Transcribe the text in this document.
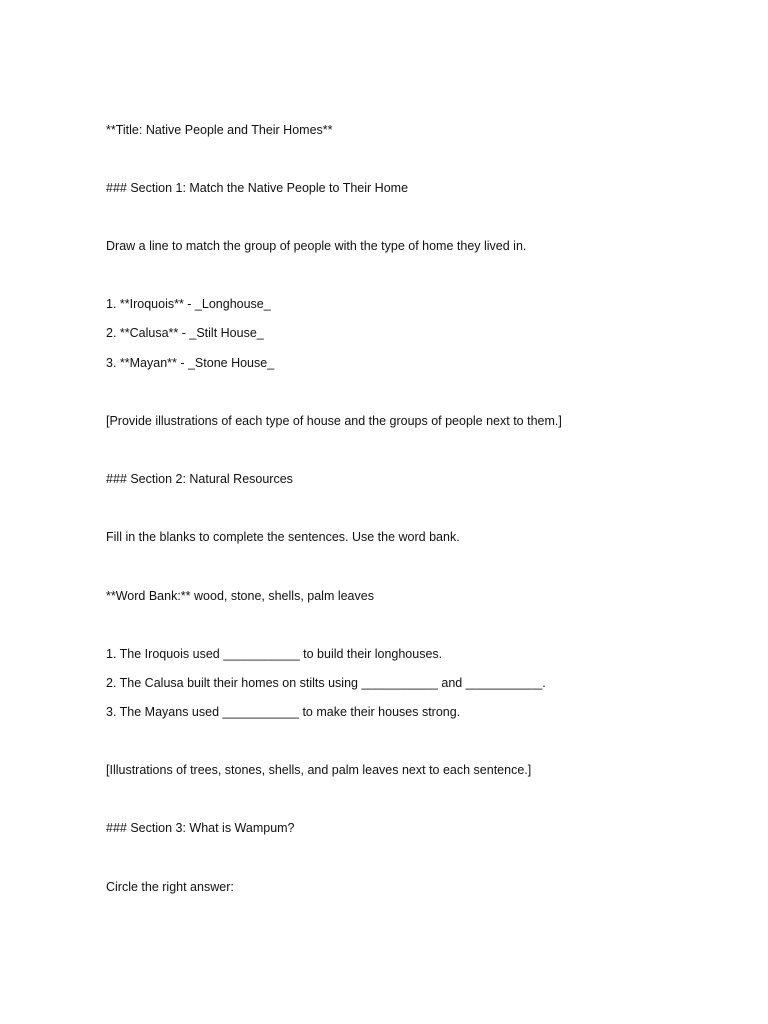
**Title: Native People and Their Homes**

### Section 1: Match the Native People to Their Home

Draw a line to match the group of people with the type of home they lived in.

1. **Iroquois** - _Longhouse_

2. **Calusa** - _Stilt House_

3. **Mayan** - _Stone House_

[Provide illustrations of each type of house and the groups of people next to them.]

### Section 2: Natural Resources

Fill in the blanks to complete the sentences. Use the word bank.

**Word Bank:** wood, stone, shells, palm leaves

1. The Iroquois used ___________ to build their longhouses.

2. The Calusa built their homes on stilts using ___________ and ___________.

3. The Mayans used ___________ to make their houses strong.

[Illustrations of trees, stones, shells, and palm leaves next to each sentence.]

### Section 3: What is Wampum?

Circle the right answer:
